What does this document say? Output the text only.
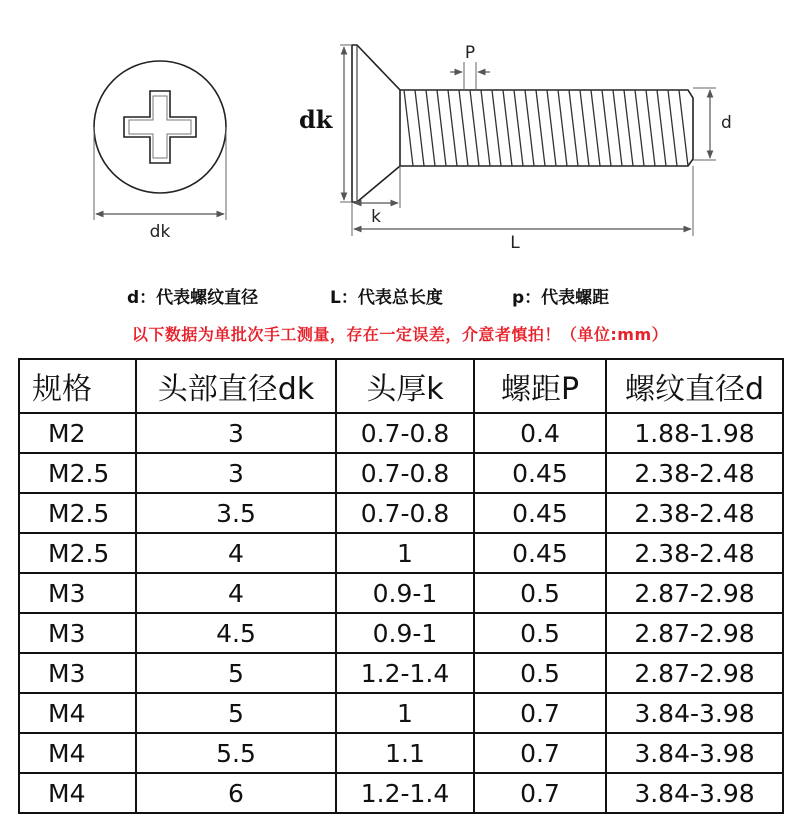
dk
dk
P
d
k
L
d：代表螺纹直径	L：代表总长度	p：代表螺距
以下数据为单批次手工测量，存在一定误差，介意者慎拍！（单位:mm）
规格	头部直径dk	头厚k	螺距P	螺纹直径d
M2	3	0.7-0.8	0.4	1.88-1.98
M2.5	3	0.7-0.8	0.45	2.38-2.48
M2.5	3.5	0.7-0.8	0.45	2.38-2.48
M2.5	4	1	0.45	2.38-2.48
M3	4	0.9-1	0.5	2.87-2.98
M3	4.5	0.9-1	0.5	2.87-2.98
M3	5	1.2-1.4	0.5	2.87-2.98
M4	5	1	0.7	3.84-3.98
M4	5.5	1.1	0.7	3.84-3.98
M4	6	1.2-1.4	0.7	3.84-3.98
